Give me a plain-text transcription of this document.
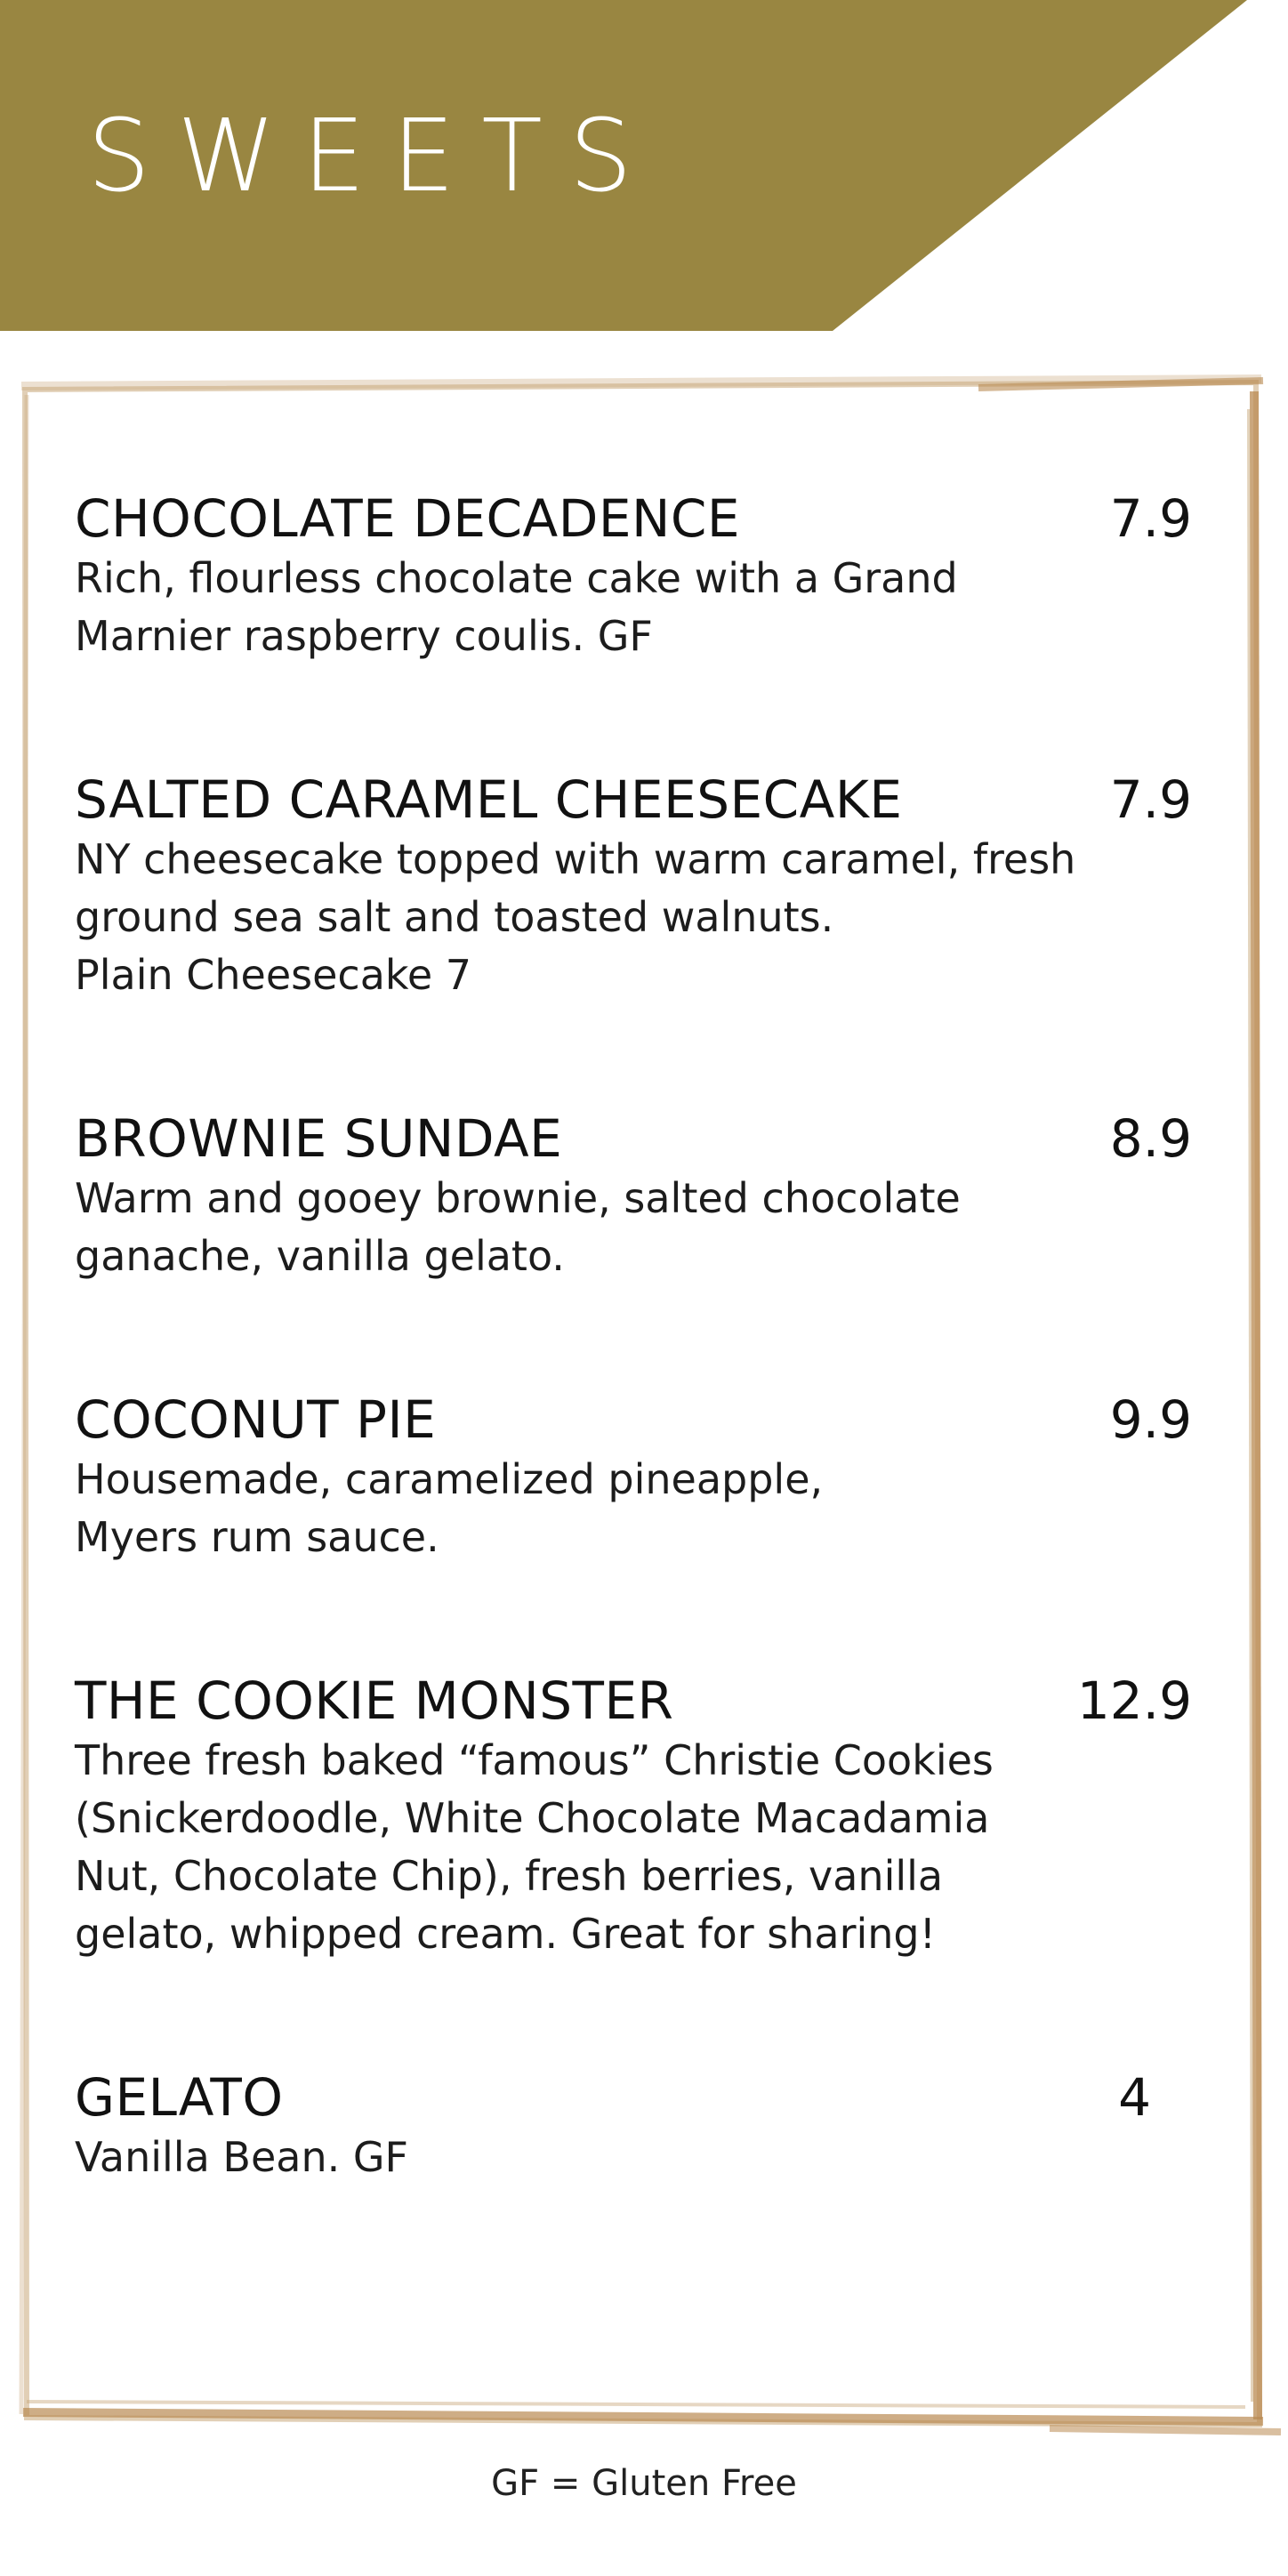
SWEETS
CHOCOLATE DECADENCE	7.9

Rich, flourless chocolate cake with a Grand
Marnier raspberry coulis. GF

SALTED CARAMEL CHEESECAKE	7.9

NY cheesecake topped with warm caramel, fresh
ground sea salt and toasted walnuts.
Plain Cheesecake 7

BROWNIE SUNDAE	8.9

Warm and gooey brownie, salted chocolate
ganache, vanilla gelato.

COCONUT PIE	9.9

Housemade, caramelized pineapple,
Myers rum sauce.

THE COOKIE MONSTER	12.9

Three fresh baked “famous” Christie Cookies
(Snickerdoodle, White Chocolate Macadamia
Nut, Chocolate Chip), fresh berries, vanilla
gelato, whipped cream. Great for sharing!

GELATO	4

Vanilla Bean. GF

GF = Gluten Free
